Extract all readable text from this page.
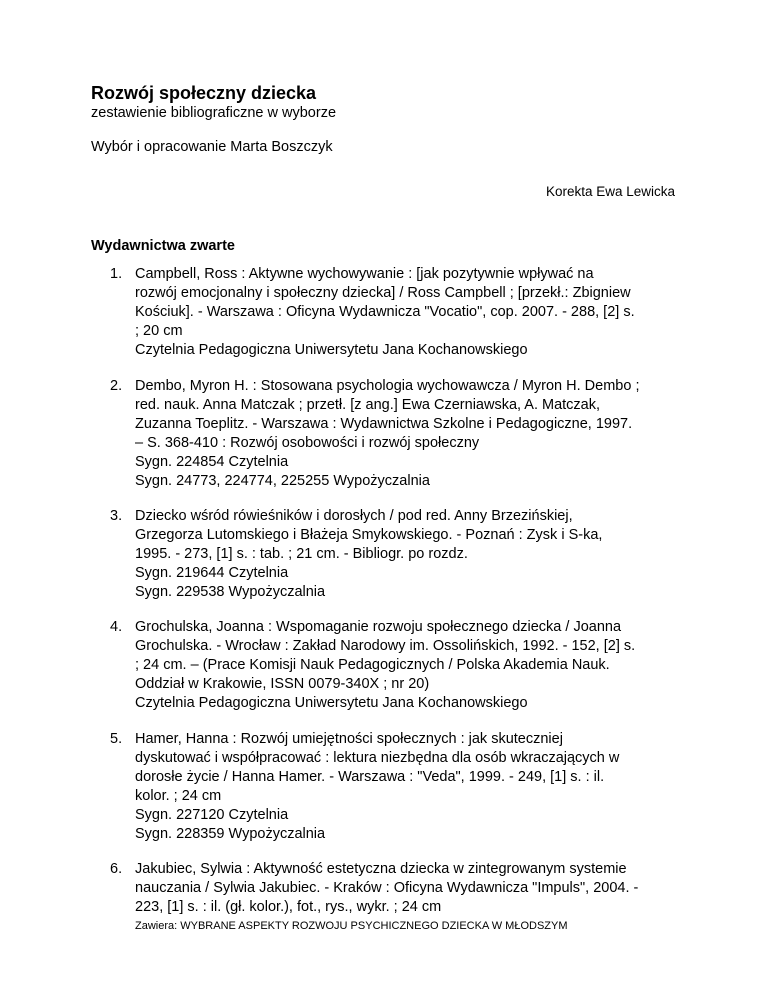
Rozwój społeczny dziecka
zestawienie bibliograficzne w wyborze
Wybór i opracowanie Marta Boszczyk
Korekta Ewa Lewicka
Wydawnictwa zwarte
1. Campbell, Ross : Aktywne wychowywanie : [jak pozytywnie wpływać na
rozwój emocjonalny i społeczny dziecka] / Ross Campbell ; [przekł.: Zbigniew
Kościuk]. - Warszawa : Oficyna Wydawnicza "Vocatio", cop. 2007. - 288, [2] s.
; 20 cm
Czytelnia Pedagogiczna Uniwersytetu Jana Kochanowskiego
2. Dembo, Myron H. : Stosowana psychologia wychowawcza / Myron H. Dembo ;
red. nauk. Anna Matczak ; przetł. [z ang.] Ewa Czerniawska, A. Matczak,
Zuzanna Toeplitz. - Warszawa : Wydawnictwa Szkolne i Pedagogiczne, 1997.
– S. 368-410 : Rozwój osobowości i rozwój społeczny
Sygn. 224854 Czytelnia
Sygn. 24773, 224774, 225255 Wypożyczalnia
3. Dziecko wśród rówieśników i dorosłych / pod red. Anny Brzezińskiej,
Grzegorza Lutomskiego i Błażeja Smykowskiego. - Poznań : Zysk i S-ka,
1995. - 273, [1] s. : tab. ; 21 cm. - Bibliogr. po rozdz.
Sygn. 219644 Czytelnia
Sygn. 229538 Wypożyczalnia
4. Grochulska, Joanna : Wspomaganie rozwoju społecznego dziecka / Joanna
Grochulska. - Wrocław : Zakład Narodowy im. Ossolińskich, 1992. - 152, [2] s.
; 24 cm. – (Prace Komisji Nauk Pedagogicznych / Polska Akademia Nauk.
Oddział w Krakowie, ISSN 0079-340X ; nr 20)
Czytelnia Pedagogiczna Uniwersytetu Jana Kochanowskiego
5. Hamer, Hanna : Rozwój umiejętności społecznych : jak skuteczniej
dyskutować i współpracować : lektura niezbędna dla osób wkraczających w
dorosłe życie / Hanna Hamer. - Warszawa : "Veda", 1999. - 249, [1] s. : il.
kolor. ; 24 cm
Sygn. 227120 Czytelnia
Sygn. 228359 Wypożyczalnia
6. Jakubiec, Sylwia : Aktywność estetyczna dziecka w zintegrowanym systemie
nauczania / Sylwia Jakubiec. - Kraków : Oficyna Wydawnicza "Impuls", 2004. -
223, [1] s. : il. (gł. kolor.), fot., rys., wykr. ; 24 cm
Zawiera: WYBRANE ASPEKTY ROZWOJU PSYCHICZNEGO DZIECKA W MŁODSZYM
